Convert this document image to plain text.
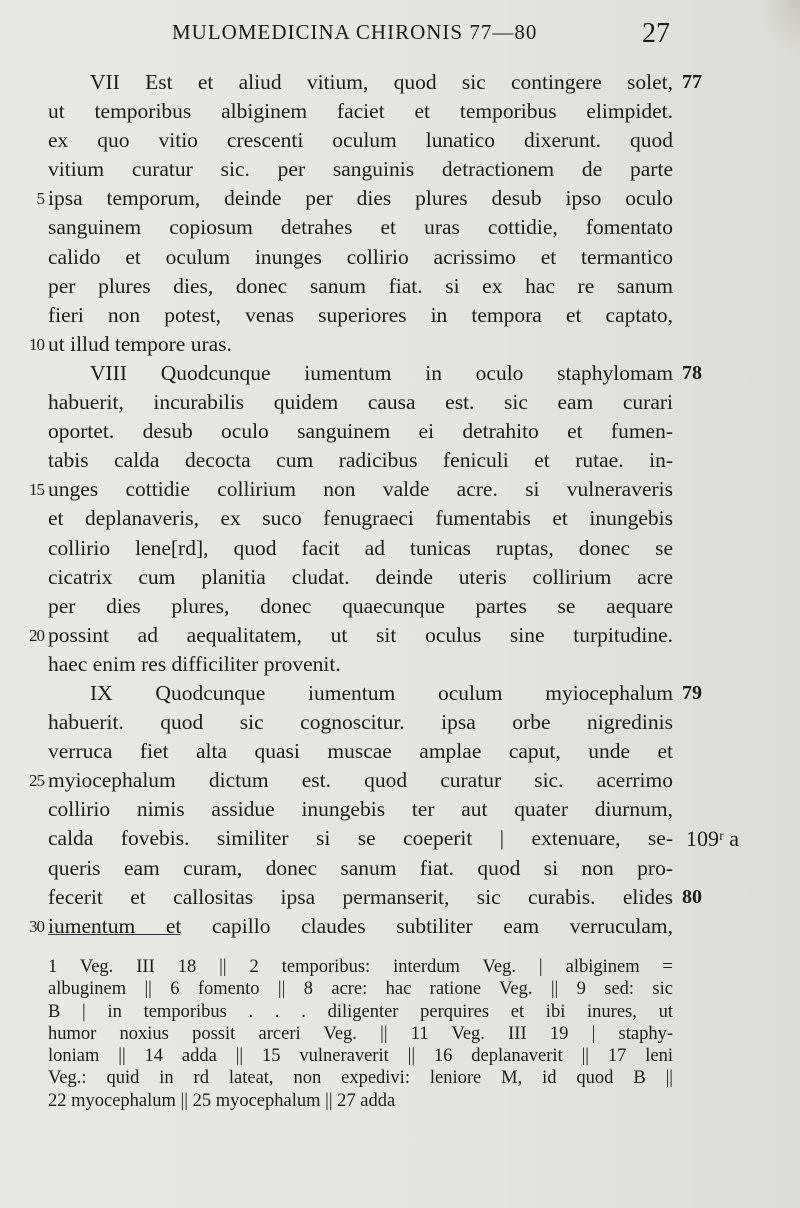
MULOMEDICINA CHIRONIS 77—80	27
VII Est et aliud vitium, quod sic contingere solet, 77
ut temporibus albiginem faciet et temporibus elimpidet.
ex quo vitio crescenti oculum lunatico dixerunt. quod
vitium curatur sic. per sanguinis detractionem de parte
5 ipsa temporum, deinde per dies plures desub ipso oculo
sanguinem copiosum detrahes et uras cottidie, fomentato
calido et oculum inunges collirio acrissimo et termantico
per plures dies, donec sanum fiat. si ex hac re sanum
fieri non potest, venas superiores in tempora et captato,
10 ut illud tempore uras.
VIII Quodcunque iumentum in oculo staphylomam 78
habuerit, incurabilis quidem causa est. sic eam curari
oportet. desub oculo sanguinem ei detrahito et fumen-
tabis calda decocta cum radicibus feniculi et rutae. in-
15 unges cottidie collirium non valde acre. si vulneraveris
et deplanaveris, ex suco fenugraeci fumentabis et inungebis
collirio lene[rd], quod facit ad tunicas ruptas, donec se
cicatrix cum planitia cludat. deinde uteris collirium acre
per dies plures, donec quaecunque partes se aequare
20 possint ad aequalitatem, ut sit oculus sine turpitudine.
haec enim res difficiliter provenit.
IX Quodcunque iumentum oculum myiocephalum 79
habuerit. quod sic cognoscitur. ipsa orbe nigredinis
verruca fiet alta quasi muscae amplae caput, unde et
25 myiocephalum dictum est. quod curatur sic. acerrimo
collirio nimis assidue inungebis ter aut quater diurnum,
calda fovebis. similiter si se coeperit | extenuare, se- 109ʳ a
queris eam curam, donec sanum fiat. quod si non pro-
fecerit et callositas ipsa permanserit, sic curabis. elides 80
30 iumentum et capillo claudes subtiliter eam verruculam,
1 Veg. III 18 || 2 temporibus: interdum Veg. | albiginem =
albuginem || 6 fomento || 8 acre: hac ratione Veg. || 9 sed: sic
B | in temporibus . . . diligenter perquires et ibi inures, ut
humor noxius possit arceri Veg. || 11 Veg. III 19 | staphy-
loniam || 14 adda || 15 vulneraverit || 16 deplanaverit || 17 leni
Veg.: quid in rd lateat, non expedivi: leniore M, id quod B ||
22 myocephalum || 25 myocephalum || 27 adda
